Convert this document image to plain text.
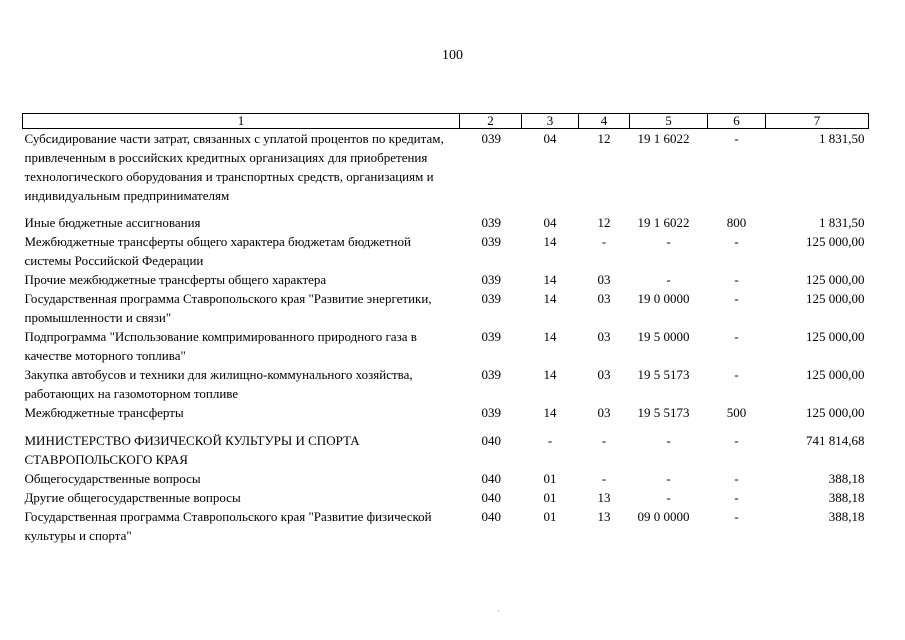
100
1	2	3	4	5	6	7
Субсидирование части затрат, связанных с уплатой процентов по кредитам, привлеченным в российских кредитных организациях для приобретения технологического оборудования и транспортных средств, организациям и индивидуальным предпринимателям	039	04	12	19 1 6022	-	1 831,50
Иные бюджетные ассигнования	039	04	12	19 1 6022	800	1 831,50
Межбюджетные трансферты общего характера бюджетам бюджетной системы Российской Федерации	039	14	-	-	-	125 000,00
Прочие межбюджетные трансферты общего характера	039	14	03	-	-	125 000,00
Государственная программа Ставропольского края "Развитие энергетики, промышленности и связи"	039	14	03	19 0 0000	-	125 000,00
Подпрограмма "Использование компримированного природного газа в качестве моторного топлива"	039	14	03	19 5 0000	-	125 000,00
Закупка автобусов и техники для жилищно-коммунального хозяйства, работающих на газомоторном топливе	039	14	03	19 5 5173	-	125 000,00
Межбюджетные трансферты	039	14	03	19 5 5173	500	125 000,00
МИНИСТЕРСТВО ФИЗИЧЕСКОЙ КУЛЬТУРЫ И СПОРТА СТАВРОПОЛЬСКОГО КРАЯ	040	-	-	-	-	741 814,68
Общегосударственные вопросы	040	01	-	-	-	388,18
Другие общегосударственные вопросы	040	01	13	-	-	388,18
Государственная программа Ставропольского края "Развитие физической культуры и спорта"	040	01	13	09 0 0000	-	388,18
·
